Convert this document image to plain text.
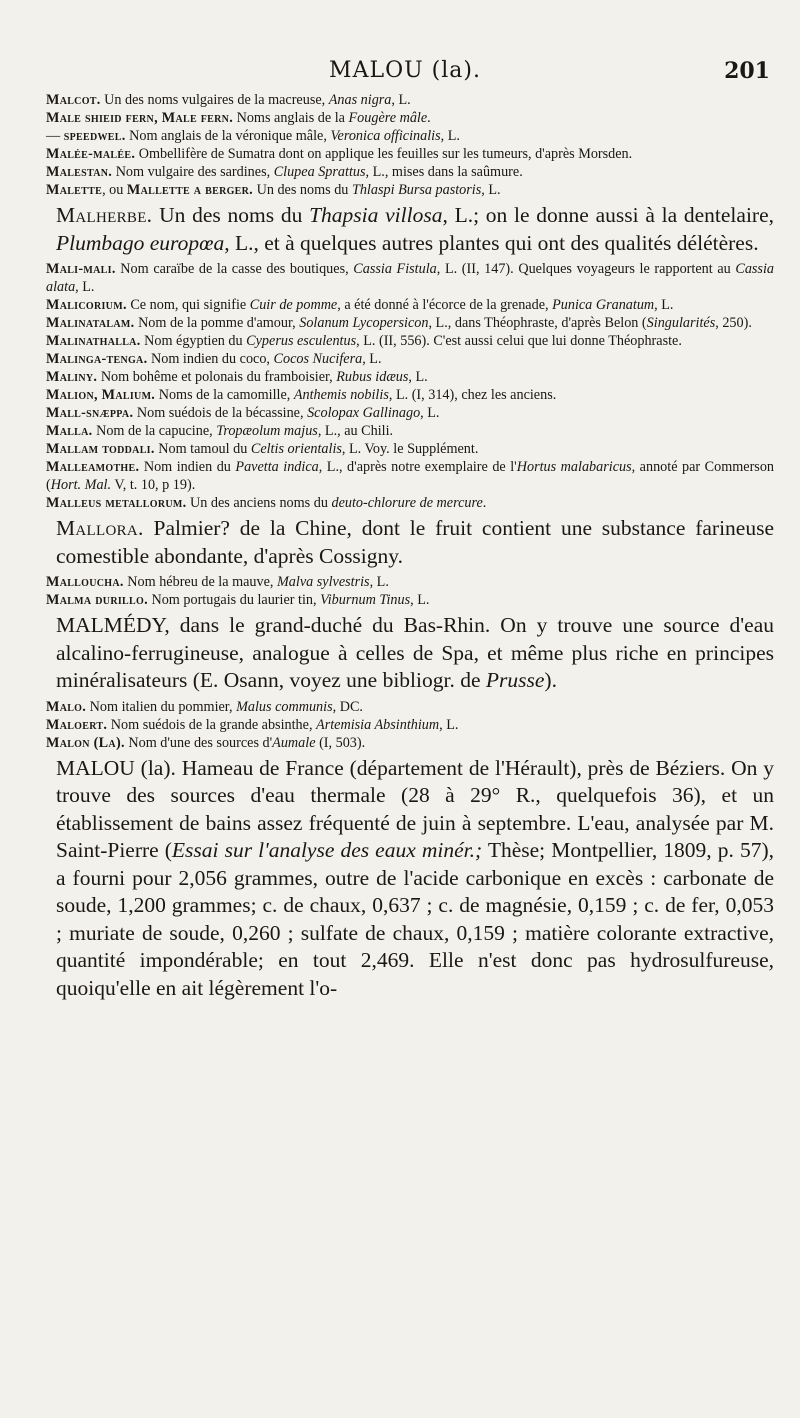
MALOU (la).	201

Malcot. Un des noms vulgaires de la macreuse, Anas nigra, L.

Male shieid fern, Male fern. Noms anglais de la Fougère mâle.

— speedwel. Nom anglais de la véronique mâle, Veronica officinalis, L.

Malée-malée. Ombellifère de Sumatra dont on applique les feuilles sur les tumeurs, d'après Morsden.

Malestan. Nom vulgaire des sardines, Clupea Sprattus, L., mises dans la saûmure.

Malette, ou Mallette a berger. Un des noms du Thlaspi Bursa pastoris, L.

Malherbe. Un des noms du Thapsia villosa, L.; on le donne aussi à la dentelaire, Plumbago europœa, L., et à quelques autres plantes qui ont des qualités délétères.

Mali-mali. Nom caraïbe de la casse des boutiques, Cassia Fistula, L. (II, 147). Quelques voyageurs le rapportent au Cassia alata, L.

Malicorium. Ce nom, qui signifie Cuir de pomme, a été donné à l'écorce de la grenade, Punica Granatum, L.

Malinatalam. Nom de la pomme d'amour, Solanum Lycopersicon, L., dans Théophraste, d'après Belon (Singularités, 250).

Malinathalla. Nom égyptien du Cyperus esculentus, L. (II, 556). C'est aussi celui que lui donne Théophraste.

Malinga-tenga. Nom indien du coco, Cocos Nucifera, L.

Maliny. Nom bohême et polonais du framboisier, Rubus idæus, L.

Malion, Malium. Noms de la camomille, Anthemis nobilis, L. (I, 314), chez les anciens.

Mall-snæppa. Nom suédois de la bécassine, Scolopax Gallinago, L.

Malla. Nom de la capucine, Tropæolum majus, L., au Chili.

Mallam toddali. Nom tamoul du Celtis orientalis, L. Voy. le Supplément.

Malleamothe. Nom indien du Pavetta indica, L., d'après notre exemplaire de l'Hortus malabaricus, annoté par Commerson (Hort. Mal. V, t. 10, p 19).

Malleus metallorum. Un des anciens noms du deuto-chlorure de mercure.

Mallora. Palmier? de la Chine, dont le fruit contient une substance farineuse comestible abondante, d'après Cossigny.

Malloucha. Nom hébreu de la mauve, Malva sylvestris, L.

Malma durillo. Nom portugais du laurier tin, Viburnum Tinus, L.

MALMÉDY, dans le grand-duché du Bas-Rhin. On y trouve une source d'eau alcalino-ferrugineuse, analogue à celles de Spa, et même plus riche en principes minéralisateurs (E. Osann, voyez une bibliogr. de Prusse).

Malo. Nom italien du pommier, Malus communis, DC.

Maloert. Nom suédois de la grande absinthe, Artemisia Absinthium, L.

Malon (La). Nom d'une des sources d'Aumale (I, 503).

MALOU (la). Hameau de France (département de l'Hérault), près de Béziers. On y trouve des sources d'eau thermale (28 à 29° R., quelquefois 36), et un établissement de bains assez fréquenté de juin à septembre. L'eau, analysée par M. Saint-Pierre (Essai sur l'analyse des eaux minér.; Thèse; Montpellier, 1809, p. 57), a fourni pour 2,056 grammes, outre de l'acide carbonique en excès : carbonate de soude, 1,200 grammes; c. de chaux, 0,637 ; c. de magnésie, 0,159 ; c. de fer, 0,053 ; muriate de soude, 0,260 ; sulfate de chaux, 0,159 ; matière colorante extractive, quantité impondérable; en tout 2,469. Elle n'est donc pas hydrosulfureuse, quoiqu'elle en ait légèrement l'o-
